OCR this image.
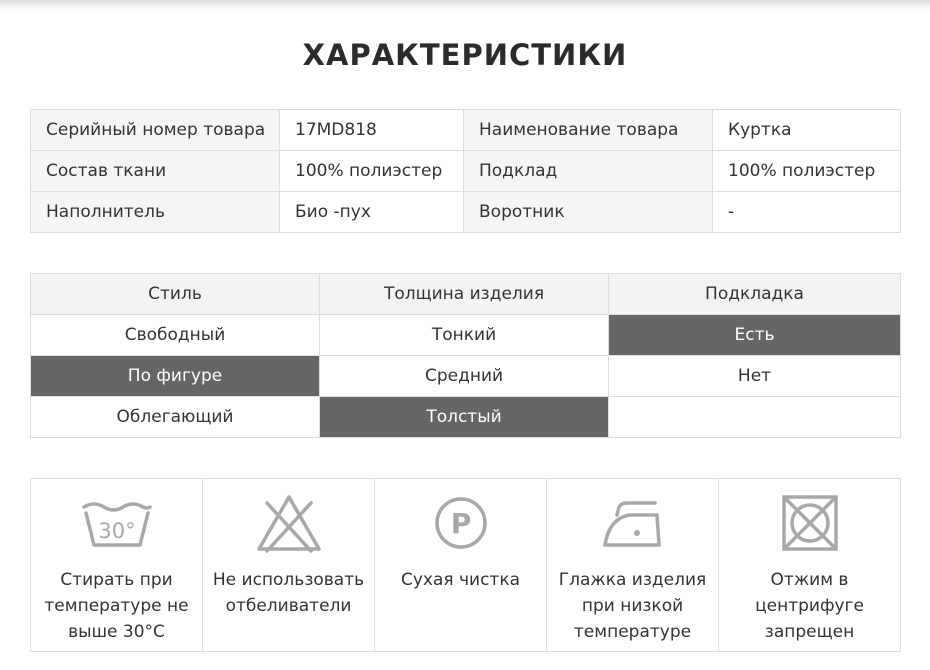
ХАРАКТЕРИСТИКИ
Серийный номер товара	17MD818	Наименование товара	Куртка
Состав ткани	100% полиэстер	Подклад	100% полиэстер
Наполнитель	Био -пух	Воротник	-
Стиль	Толщина изделия	Подкладка
Свободный	Тонкий	Есть
По фигуре	Средний	Нет
Облегающий	Толстый	
30°
Стирать при температуре не выше 30°C

Не использовать отбеливатели

P
Сухая чистка	Глажка изделия при низкой температуре

Отжим в центрифуге запрещен
